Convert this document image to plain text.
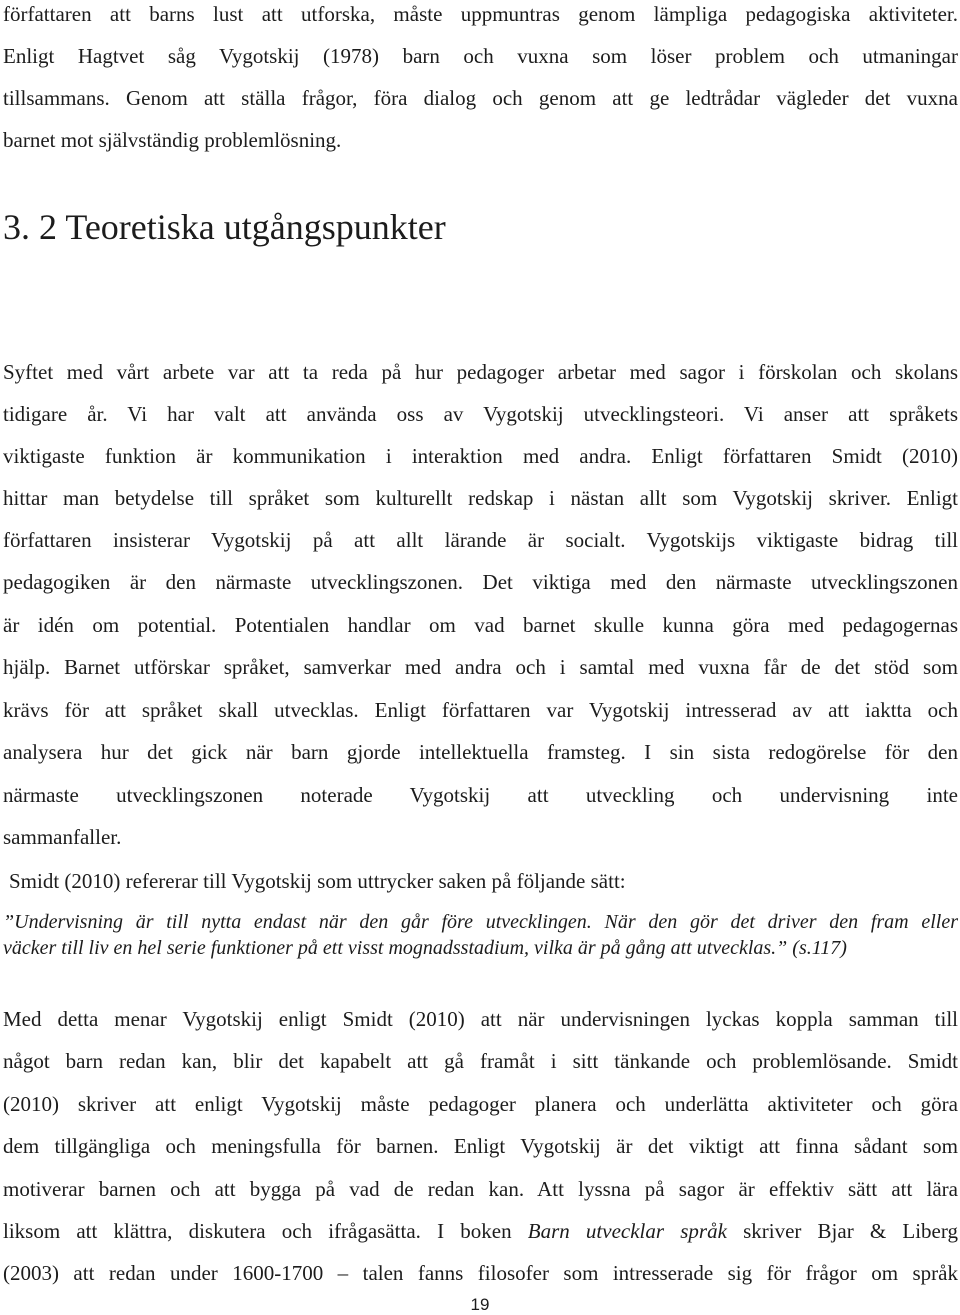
författaren att barns lust att utforska, måste uppmuntras genom lämpliga pedagogiska aktiviteter.
Enligt Hagtvet såg Vygotskij (1978) barn och vuxna som löser problem och utmaningar
tillsammans. Genom att ställa frågor, föra dialog och genom att ge ledtrådar vägleder det vuxna
barnet mot självständig problemlösning.
3. 2 Teoretiska utgångspunkter
Syftet med vårt arbete var att ta reda på hur pedagoger arbetar med sagor i förskolan och skolans
tidigare år. Vi har valt att använda oss av Vygotskij utvecklingsteori. Vi anser att språkets
viktigaste funktion är kommunikation i interaktion med andra. Enligt författaren Smidt (2010)
hittar man betydelse till språket som kulturellt redskap i nästan allt som Vygotskij skriver. Enligt
författaren insisterar Vygotskij på att allt lärande är socialt. Vygotskijs viktigaste bidrag till
pedagogiken är den närmaste utvecklingszonen. Det viktiga med den närmaste utvecklingszonen
är idén om potential. Potentialen handlar om vad barnet skulle kunna göra med pedagogernas
hjälp. Barnet utförskar språket, samverkar med andra och i samtal med vuxna får de det stöd som
krävs för att språket skall utvecklas. Enligt författaren var Vygotskij intresserad av att iaktta och
analysera hur det gick när barn gjorde intellektuella framsteg. I sin sista redogörelse för den
närmaste utvecklingszonen noterade Vygotskij att utveckling och undervisning inte
sammanfaller.
Smidt (2010) refererar till Vygotskij som uttrycker saken på följande sätt:
”Undervisning är till nytta endast när den går före utvecklingen. När den gör det driver den fram eller
väcker till liv en hel serie funktioner på ett visst mognadsstadium, vilka är på gång att utvecklas.” (s.117)
Med detta menar Vygotskij enligt Smidt (2010) att när undervisningen lyckas koppla samman till
något barn redan kan, blir det kapabelt att gå framåt i sitt tänkande och problemlösande. Smidt
(2010) skriver att enligt Vygotskij måste pedagoger planera och underlätta aktiviteter och göra
dem tillgängliga och meningsfulla för barnen. Enligt Vygotskij är det viktigt att finna sådant som
motiverar barnen och att bygga på vad de redan kan. Att lyssna på sagor är effektiv sätt att lära
liksom att klättra, diskutera och ifrågasätta. I boken Barn utvecklar språk skriver Bjar & Liberg
(2003) att redan under 1600-1700 – talen fanns filosofer som intresserade sig för frågor om språk
19
